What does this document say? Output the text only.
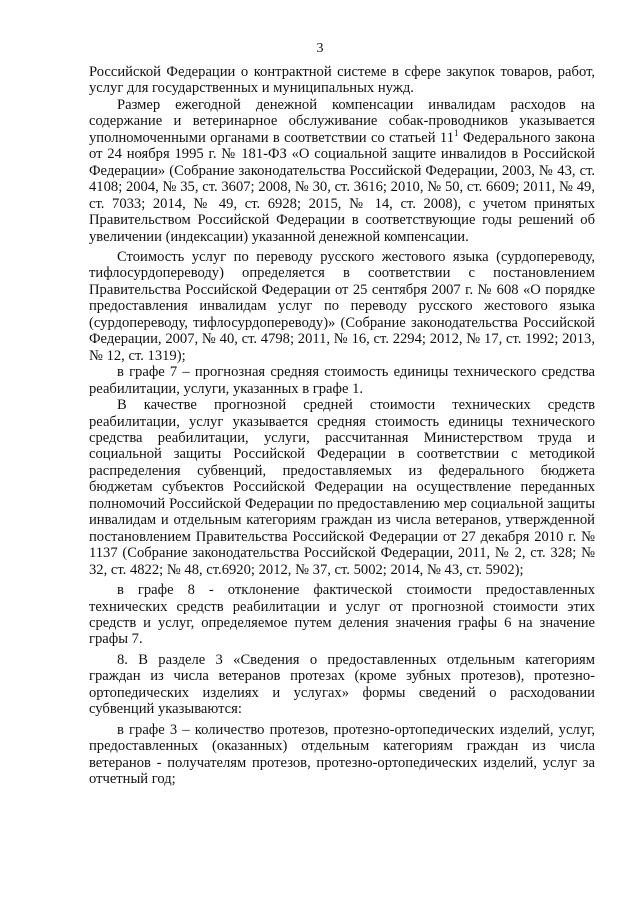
3

Российской Федерации о контрактной системе в сфере закупок товаров, работ, услуг для государственных и муниципальных нужд.

Размер ежегодной денежной компенсации инвалидам расходов на содержание и ветеринарное обслуживание собак-проводников указывается уполномоченными органами в соответствии со статьей $11^1$ Федерального закона от 24 ноября 1995 г. № 181-ФЗ «О социальной защите инвалидов в Российской Федерации» (Собрание законодательства Российской Федерации, 2003, № 43, ст. 4108; 2004, № 35, ст. 3607; 2008, № 30, ст. 3616; 2010, № 50, ст. 6609; 2011, № 49, ст. 7033; 2014, № 49, ст. 6928; 2015, № 14, ст. 2008), с учетом принятых Правительством Российской Федерации в соответствующие годы решений об увеличении (индексации) указанной денежной компенсации.

Стоимость услуг по переводу русского жестового языка (сурдопереводу, тифлосурдопереводу) определяется в соответствии с постановлением Правительства Российской Федерации от 25 сентября 2007 г. № 608 «О порядке предоставления инвалидам услуг по переводу русского жестового языка (сурдопереводу, тифлосурдопереводу)» (Собрание законодательства Российской Федерации, 2007, № 40, ст. 4798; 2011, № 16, ст. 2294; 2012, № 17, ст. 1992; 2013, № 12, ст. 1319);

в графе 7 – прогнозная средняя стоимость единицы технического средства реабилитации, услуги, указанных в графе 1.

В качестве прогнозной средней стоимости технических средств реабилитации, услуг указывается средняя стоимость единицы технического средства реабилитации, услуги, рассчитанная Министерством труда и социальной защиты Российской Федерации в соответствии с методикой распределения субвенций, предоставляемых из федерального бюджета бюджетам субъектов Российской Федерации на осуществление переданных полномочий Российской Федерации по предоставлению мер социальной защиты инвалидам и отдельным категориям граждан из числа ветеранов, утвержденной постановлением Правительства Российской Федерации от 27 декабря 2010 г. № 1137 (Собрание законодательства Российской Федерации, 2011, № 2, ст. 328; № 32, ст. 4822; № 48, ст.6920; 2012, № 37, ст. 5002; 2014, № 43, ст. 5902);

в графе 8 - отклонение фактической стоимости предоставленных технических средств реабилитации и услуг от прогнозной стоимости этих средств и услуг, определяемое путем деления значения графы 6 на значение графы 7.

8. В разделе 3 «Сведения о предоставленных отдельным категориям граждан из числа ветеранов протезах (кроме зубных протезов), протезно-ортопедических изделиях и услугах» формы сведений о расходовании субвенций указываются:

в графе 3 – количество протезов, протезно-ортопедических изделий, услуг, предоставленных (оказанных) отдельным категориям граждан из числа ветеранов - получателям протезов, протезно-ортопедических изделий, услуг за отчетный год;
